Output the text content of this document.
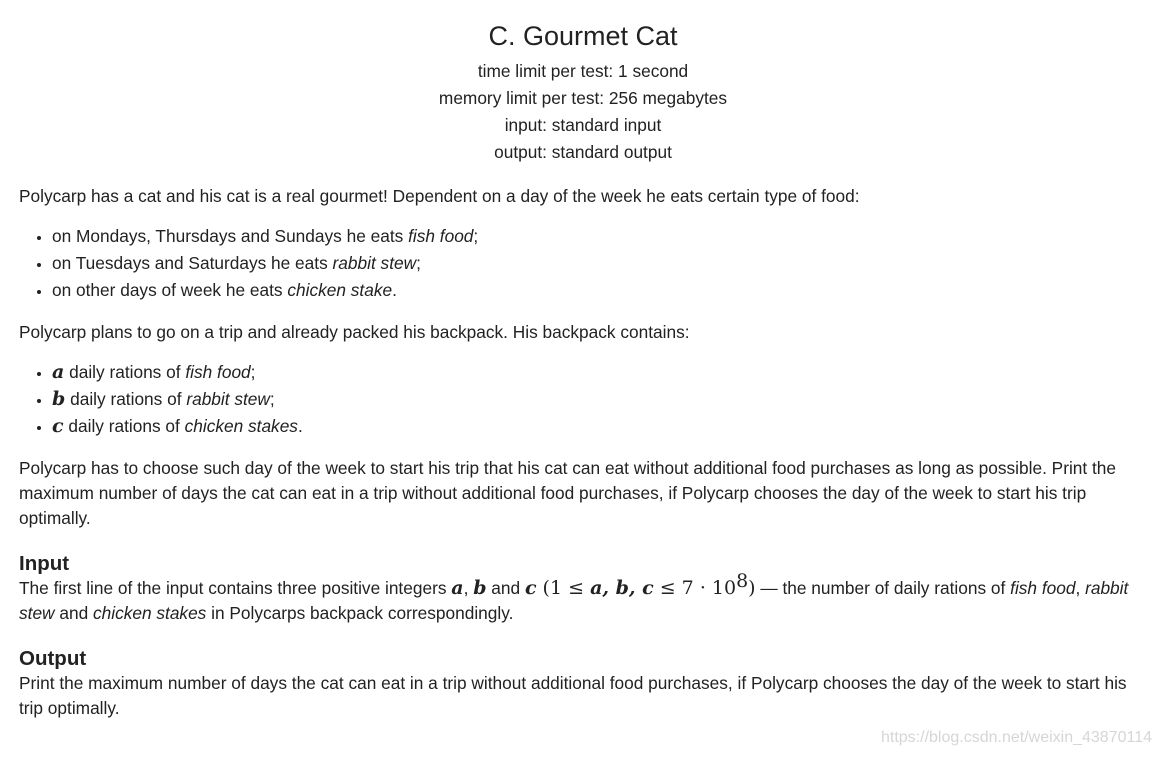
C. Gourmet Cat
time limit per test: 1 second
memory limit per test: 256 megabytes
input: standard input
output: standard output

Polycarp has a cat and his cat is a real gourmet! Dependent on a day of the week he eats certain type of food:

• on Mondays, Thursdays and Sundays he eats fish food;
• on Tuesdays and Saturdays he eats rabbit stew;
• on other days of week he eats chicken stake.

Polycarp plans to go on a trip and already packed his backpack. His backpack contains:

• a daily rations of fish food;
• b daily rations of rabbit stew;
• c daily rations of chicken stakes.

Polycarp has to choose such day of the week to start his trip that his cat can eat without additional food purchases as long as possible. Print the maximum number of days the cat can eat in a trip without additional food purchases, if Polycarp chooses the day of the week to start his trip optimally.

Input

The first line of the input contains three positive integers a, b and c (1 ≤ a, b, $c \le 7 \cdot 10^8$) — the number of daily rations of fish food, rabbit stew and chicken stakes in Polycarps backpack correspondingly.

Output

Print the maximum number of days the cat can eat in a trip without additional food purchases, if Polycarp chooses the day of the week to start his trip optimally.

https://blog.csdn.net/weixin_43870114
